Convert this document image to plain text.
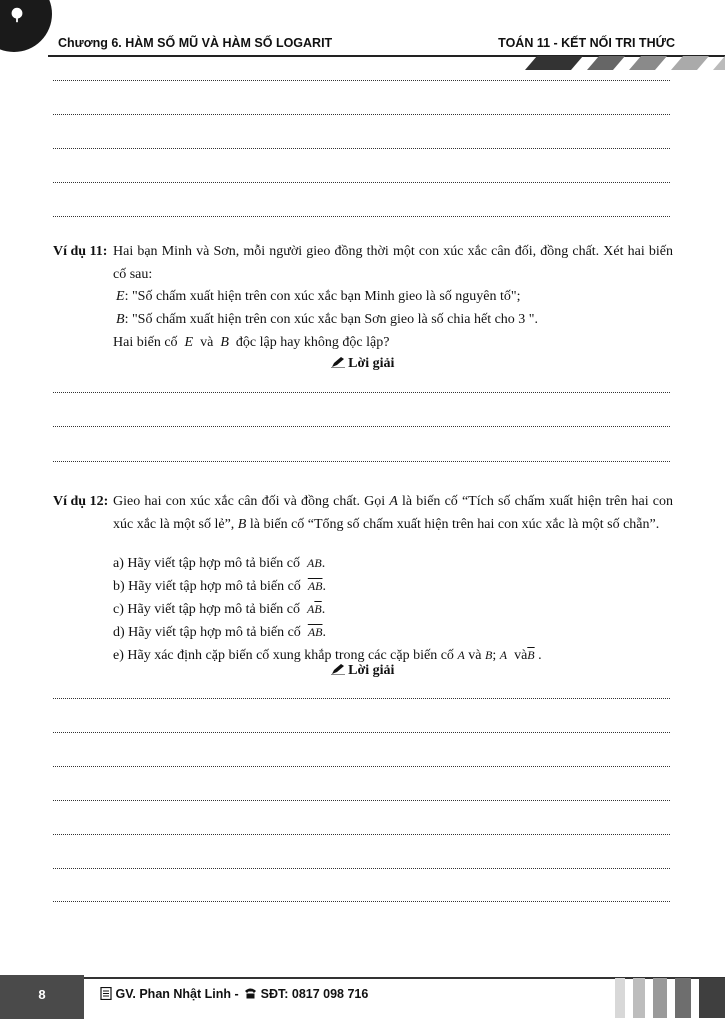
Chương 6. HÀM SỐ MŨ VÀ HÀM SỐ LOGARIT	TOÁN 11 - KẾT NỐI TRI THỨC
Ví dụ 11: Hai bạn Minh và Sơn, mỗi người gieo đồng thời một con xúc xắc cân đối, đồng chất. Xét hai biến cố sau:
E: "Số chấm xuất hiện trên con xúc xắc bạn Minh gieo là số nguyên tố";
B: "Số chấm xuất hiện trên con xúc xắc bạn Sơn gieo là số chia hết cho 3 ".
Hai biến cố E và B độc lập hay không độc lập?
Lời giải
Ví dụ 12: Gieo hai con xúc xắc cân đối và đồng chất. Gọi A là biến cố “Tích số chấm xuất hiện trên hai con xúc xắc là một số lẻ”, B là biến cố “Tổng số chấm xuất hiện trên hai con xúc xắc là một số chẵn”.
a) Hãy viết tập hợp mô tả biến cố AB.
b) Hãy viết tập hợp mô tả biến cố $\overline{AB}$.
c) Hãy viết tập hợp mô tả biến cố $A\overline{B}$.
d) Hãy viết tập hợp mô tả biến cố $\overline{AB}$.
e) Hãy xác định cặp biến cố xung khắp trong các cặp biến cố A và B; A $và\overline{B}$ .
Lời giải
8	GV. Phan Nhật Linh - SĐT: 0817 098 716
